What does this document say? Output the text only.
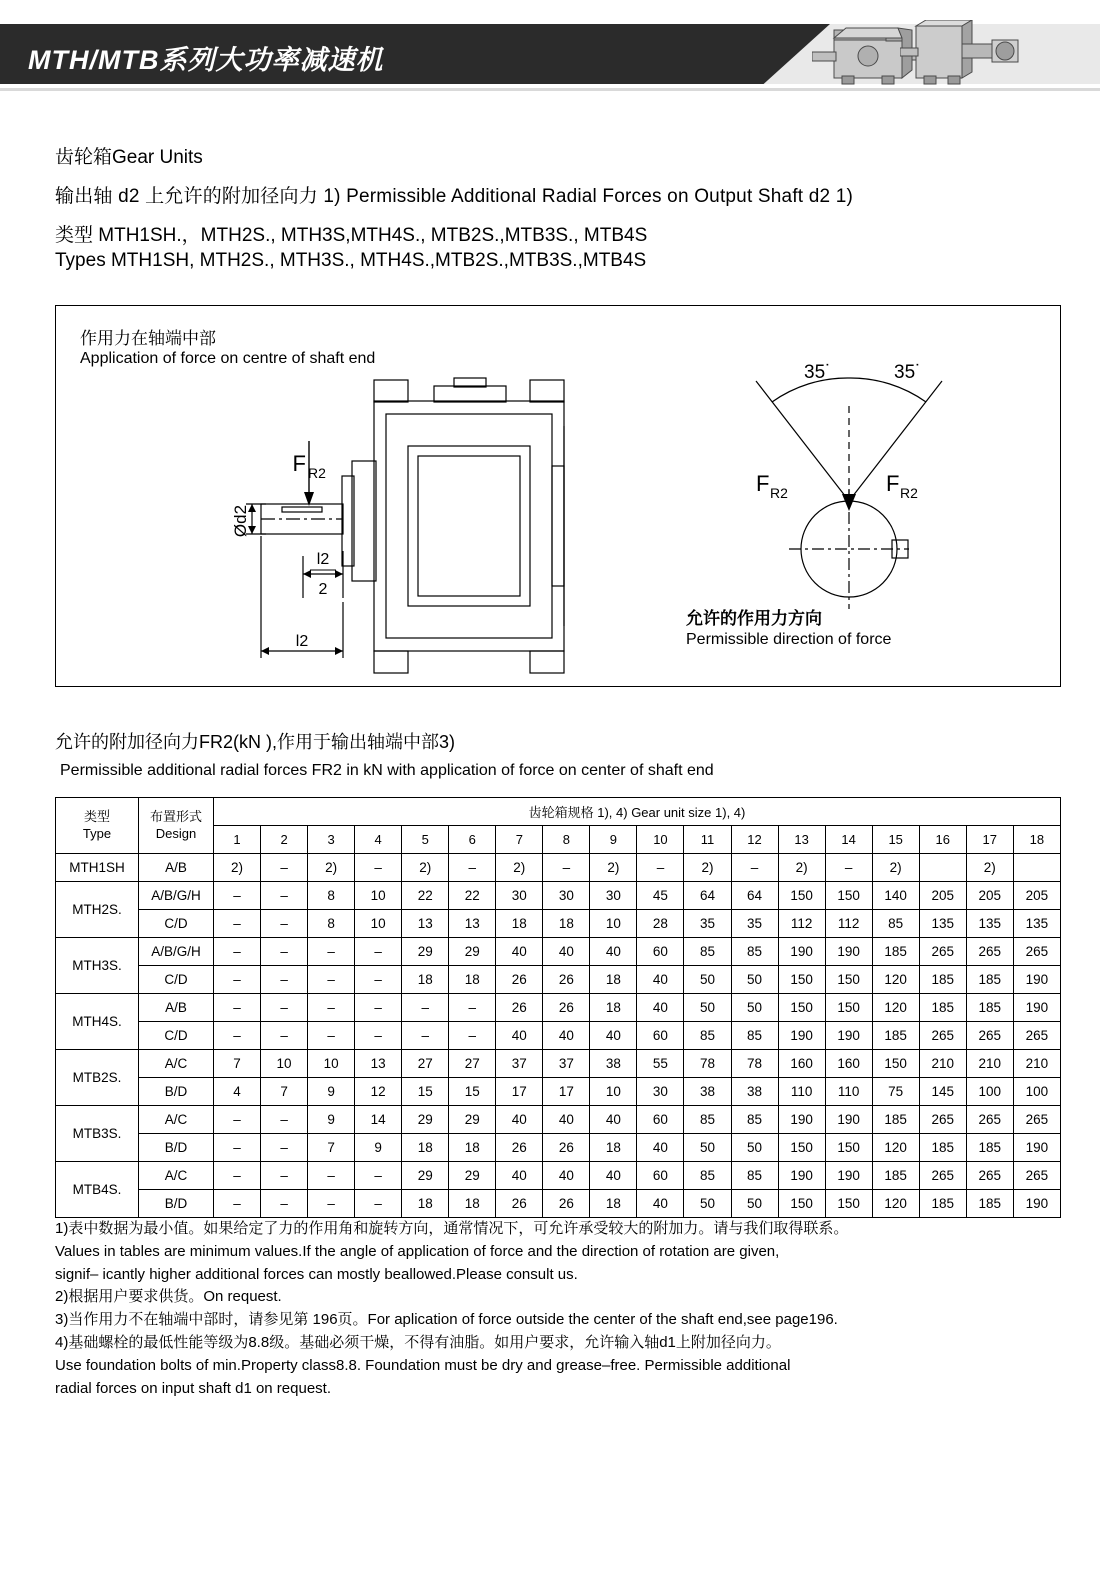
MTH/MTB系列大功率减速机
齿轮箱Gear Units
输出轴 d2 上允许的附加径向力 1) Permissible Additional Radial Forces on Output Shaft d2 1)
类型 MTH1SH.，MTH2S., MTH3S,MTH4S., MTB2S.,MTB3S., MTB4S
Types MTH1SH, MTH2S., MTH3S., MTH4S.,MTB2S.,MTB3S.,MTB4S
作用力在轴端中部
Application of force on centre of shaft end
允许的作用力方向
Permissible direction of force
F R2
Ød2
l2
2
l2
35˙	35˙
F R2	F R2
允许的附加径向力FR2(kN ),作用于输出轴端中部3)
Permissible additional radial forces FR2 in kN with application of force on center of shaft end
类型
Type

布置形式
Design
	齿轮箱规格 1), 4) Gear unit size 1), 4)
		1	2	3	4	5	6	7	8	9	10	11	12	13	14	15	16	17	18
MTH1SH	A/B	2)	–	2)	–	2)	–	2)	–	2)	–	2)	–	2)	–	2)		2)	
MTH2S.	A/B/G/H	–	–	8	10	22	22	30	30	30	45	64	64	150	150	140	205	205	205
	C/D	–	–	8	10	13	13	18	18	10	28	35	35	112	112	85	135	135	135
MTH3S.	A/B/G/H	–	–	–	–	29	29	40	40	40	60	85	85	190	190	185	265	265	265
	C/D	–	–	–	–	18	18	26	26	18	40	50	50	150	150	120	185	185	190
MTH4S.	A/B	–	–	–	–	–	–	26	26	18	40	50	50	150	150	120	185	185	190
	C/D	–	–	–	–	–	–	40	40	40	60	85	85	190	190	185	265	265	265
MTB2S.	A/C	7	10	10	13	27	27	37	37	38	55	78	78	160	160	150	210	210	210
	B/D	4	7	9	12	15	15	17	17	10	30	38	38	110	110	75	145	100	100
MTB3S.	A/C	–	–	9	14	29	29	40	40	40	60	85	85	190	190	185	265	265	265
	B/D	–	–	7	9	18	18	26	26	18	40	50	50	150	150	120	185	185	190
MTB4S.	A/C	–	–	–	–	29	29	40	40	40	60	85	85	190	190	185	265	265	265
	B/D	–	–	–	–	18	18	26	26	18	40	50	50	150	150	120	185	185	190
1)表中数据为最小值。如果给定了力的作用角和旋转方向，通常情况下，可允许承受较大的附加力。请与我们取得联系。
Values in tables are minimum values.If the angle of application of force and the direction of rotation are given,
signif– icantly higher additional forces can mostly beallowed.Please consult us.
2)根据用户要求供货。On request.
3)当作用力不在轴端中部时，请参见第 196页。For aplication of force outside the center of the shaft end,see page196.
4)基础螺栓的最低性能等级为8.8级。基础必须干燥，不得有油脂。如用户要求，允许输入轴d1上附加径向力。
Use foundation bolts of min.Property class8.8. Foundation must be dry and grease–free. Permissible additional
radial forces on input shaft d1 on request.
